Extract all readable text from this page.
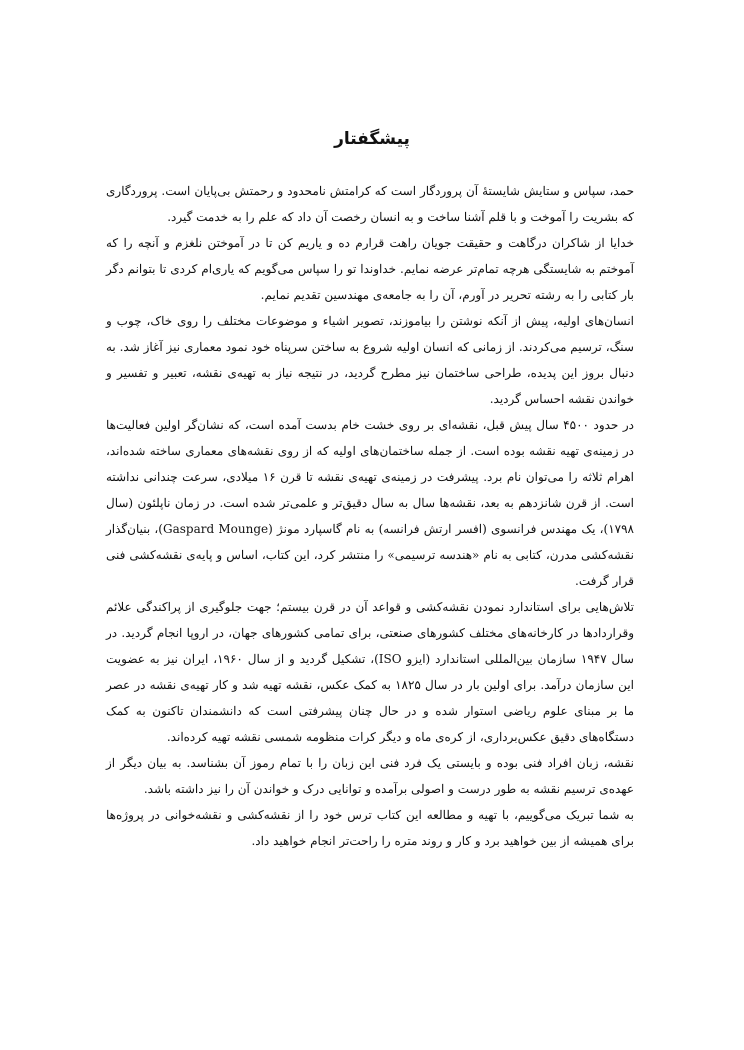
پیشگفتار

حمد، سپاس و ستایش شایستهٔ آن پروردگار است که کرامتش نامحدود و رحمتش بی‌پایان است. پروردگاری که بشریت را آموخت و با قلم آشنا ساخت و به انسان رخصت آن داد که علم را به خدمت گیرد.

خدایا از شاکران درگاهت و حقیقت جویان راهت قرارم ده و یاریم کن تا در آموختن نلغزم و آنچه را که آموختم به شایستگی هرچه تمام‌تر عرضه نمایم. خداوندا تو را سپاس می‌گویم که یاری‌ام کردی تا بتوانم دگر بار کتابی را به رشته تحریر در آورم، آن را به جامعه‌ی مهندسین تقدیم نمایم.

انسان‌های اولیه، پیش از آنکه نوشتن را بیاموزند، تصویر اشیاء و موضوعات مختلف را روی خاک، چوب و سنگ، ترسیم می‌کردند. از زمانی که انسان اولیه شروع به ساختن سرپناه خود نمود معماری نیز آغاز شد. به دنبال بروز این پدیده، طراحی ساختمان نیز مطرح گردید، در نتیجه نیاز به تهیه‌ی نقشه، تعبیر و تفسیر و خواندن نقشه احساس گردید.

در حدود ۴۵۰۰ سال پیش قبل، نقشه‌ای بر روی خشت خام بدست آمده است، که نشان‌گر اولین فعالیت‌ها در زمینه‌ی تهیه نقشه بوده است. از جمله ساختمان‌های اولیه که از روی نقشه‌های معماری ساخته شده‌اند، اهرام ثلاثه را می‌توان نام برد. پیشرفت در زمینه‌ی تهیه‌ی نقشه تا قرن ۱۶ میلادی، سرعت چندانی نداشته است. از قرن شانزدهم به بعد، نقشه‌ها سال به سال دقیق‌تر و علمی‌تر شده است. در زمان ناپلئون (سال ۱۷۹۸)، یک مهندس فرانسوی (افسر ارتش فرانسه) به نام گاسپارد مونژ (Gaspard Mounge)، بنیان‌گذار نقشه‌کشی مدرن، کتابی به نام «هندسه ترسیمی» را منتشر کرد، این کتاب، اساس و پایه‌ی نقشه‌کشی فنی قرار گرفت.

تلاش‌هایی برای استاندارد نمودن نقشه‌کشی و قواعد آن در قرن بیستم؛ جهت جلوگیری از پراکندگی علائم وقراردادها در کارخانه‌های مختلف کشورهای صنعتی، برای تمامی کشورهای جهان، در اروپا انجام گردید. در سال ۱۹۴۷ سازمان بین‌المللی استاندارد (ایزو ISO)، تشکیل گردید و از سال ۱۹۶۰، ایران نیز به عضویت این سازمان درآمد. برای اولین بار در سال ۱۸۲۵ به کمک عکس، نقشه تهیه شد و کار تهیه‌ی نقشه در عصر ما بر مبنای علوم ریاضی استوار شده و در حال چنان پیشرفتی است که دانشمندان تاکنون به کمک دستگاه‌های دقیق عکس‌برداری، از کره‌ی ماه و دیگر کرات منظومه شمسی نقشه تهیه کرده‌اند.

نقشه، زبان افراد فنی بوده و بایستی یک فرد فنی این زبان را با تمام رموز آن بشناسد. به بیان دیگر از عهده‌ی ترسیم نقشه به طور درست و اصولی برآمده و توانایی درک و خواندن آن را نیز داشته باشد.

به شما تبریک می‌گوییم، با تهیه و مطالعه این کتاب ترس خود را از نقشه‌کشی و نقشه‌خوانی در پروژه‌ها برای همیشه از بین خواهید برد و کار و روند متره را راحت‌تر انجام خواهید داد.
